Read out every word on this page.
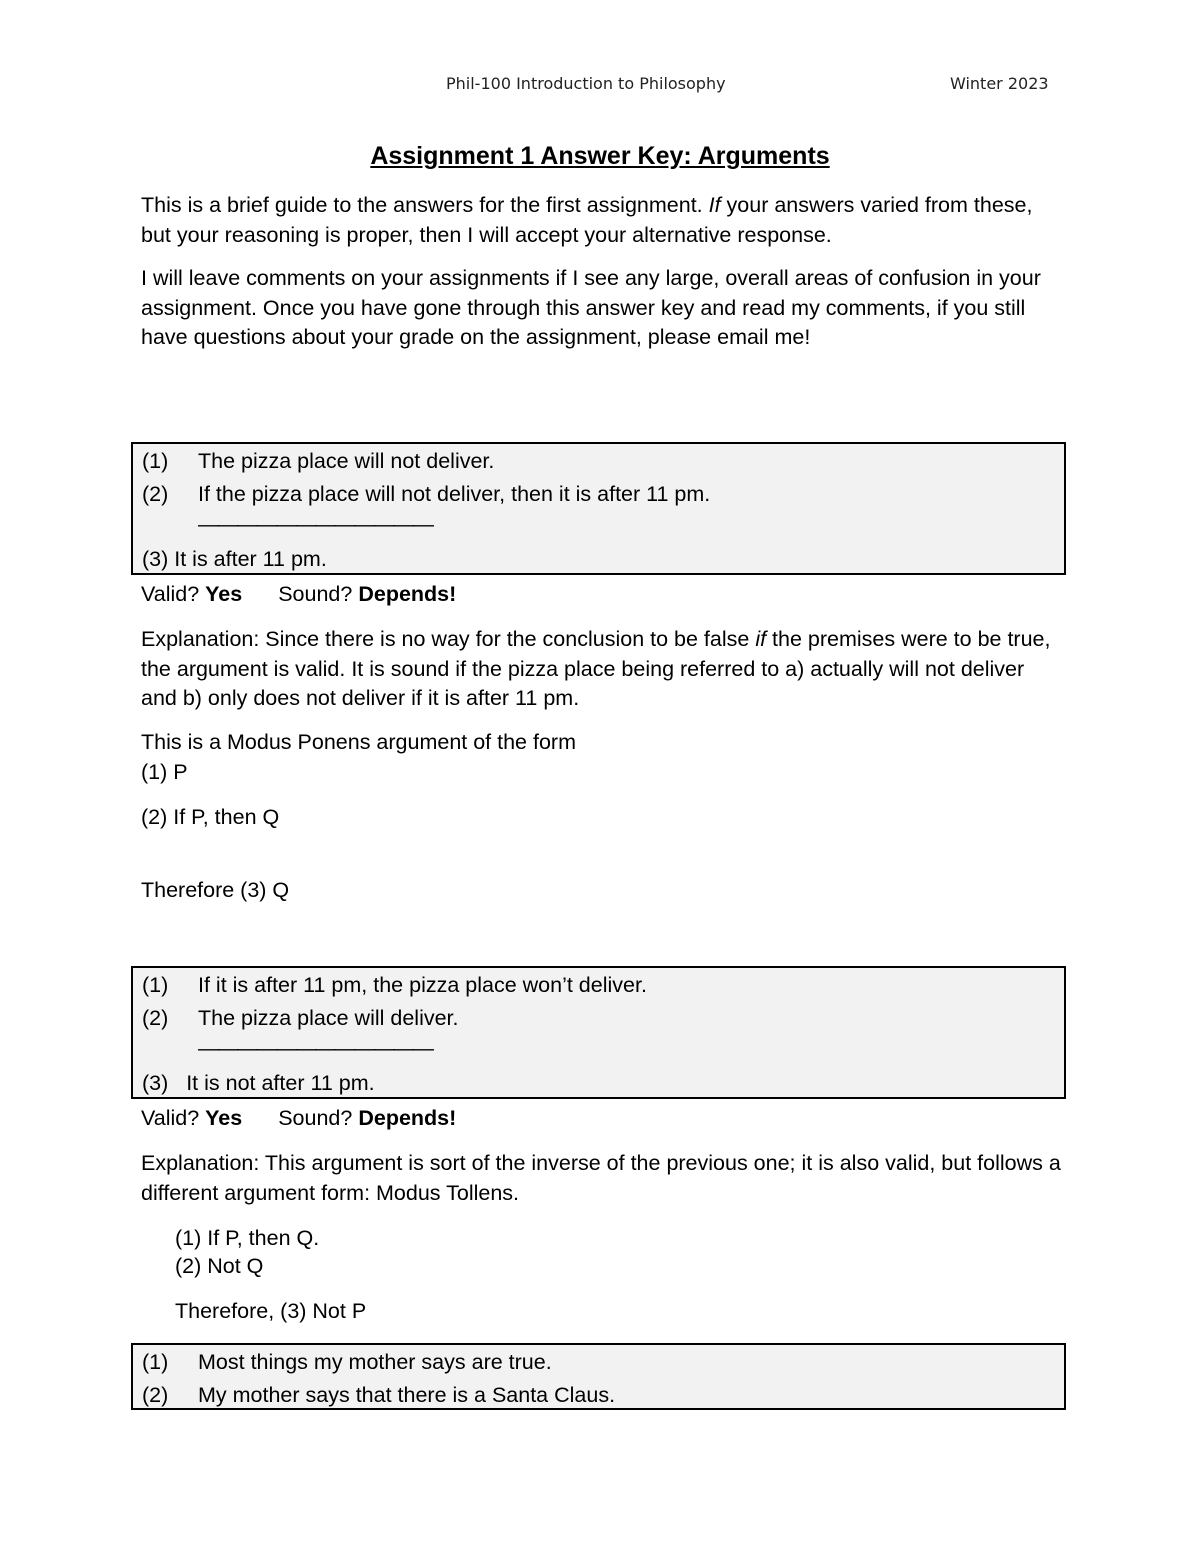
Phil-100 Introduction to Philosophy	Winter 2023
Assignment 1 Answer Key: Arguments

This is a brief guide to the answers for the first assignment. If your answers varied from these, but your reasoning is proper, then I will accept your alternative response.

I will leave comments on your assignments if I see any large, overall areas of confusion in your assignment. Once you have gone through this answer key and read my comments, if you still have questions about your grade on the assignment, please email me!

(1) The pizza place will not deliver.
(2) If the pizza place will not deliver, then it is after 11 pm.
————————————
(3) It is after 11 pm.
Valid? Yes Sound? Depends!

Explanation: Since there is no way for the conclusion to be false if the premises were to be true, the argument is valid. It is sound if the pizza place being referred to a) actually will not deliver and b) only does not deliver if it is after 11 pm.

This is a Modus Ponens argument of the form
(1) P
(2) If P, then Q
Therefore (3) Q
(1) If it is after 11 pm, the pizza place won’t deliver.
(2) The pizza place will deliver.
————————————
(3)   It is not after 11 pm.
Valid? Yes Sound? Depends!

Explanation: This argument is sort of the inverse of the previous one; it is also valid, but follows a different argument form: Modus Tollens.

(1) If P, then Q.
(2) Not Q
Therefore, (3) Not P
(1) Most things my mother says are true.
(2) My mother says that there is a Santa Claus.
